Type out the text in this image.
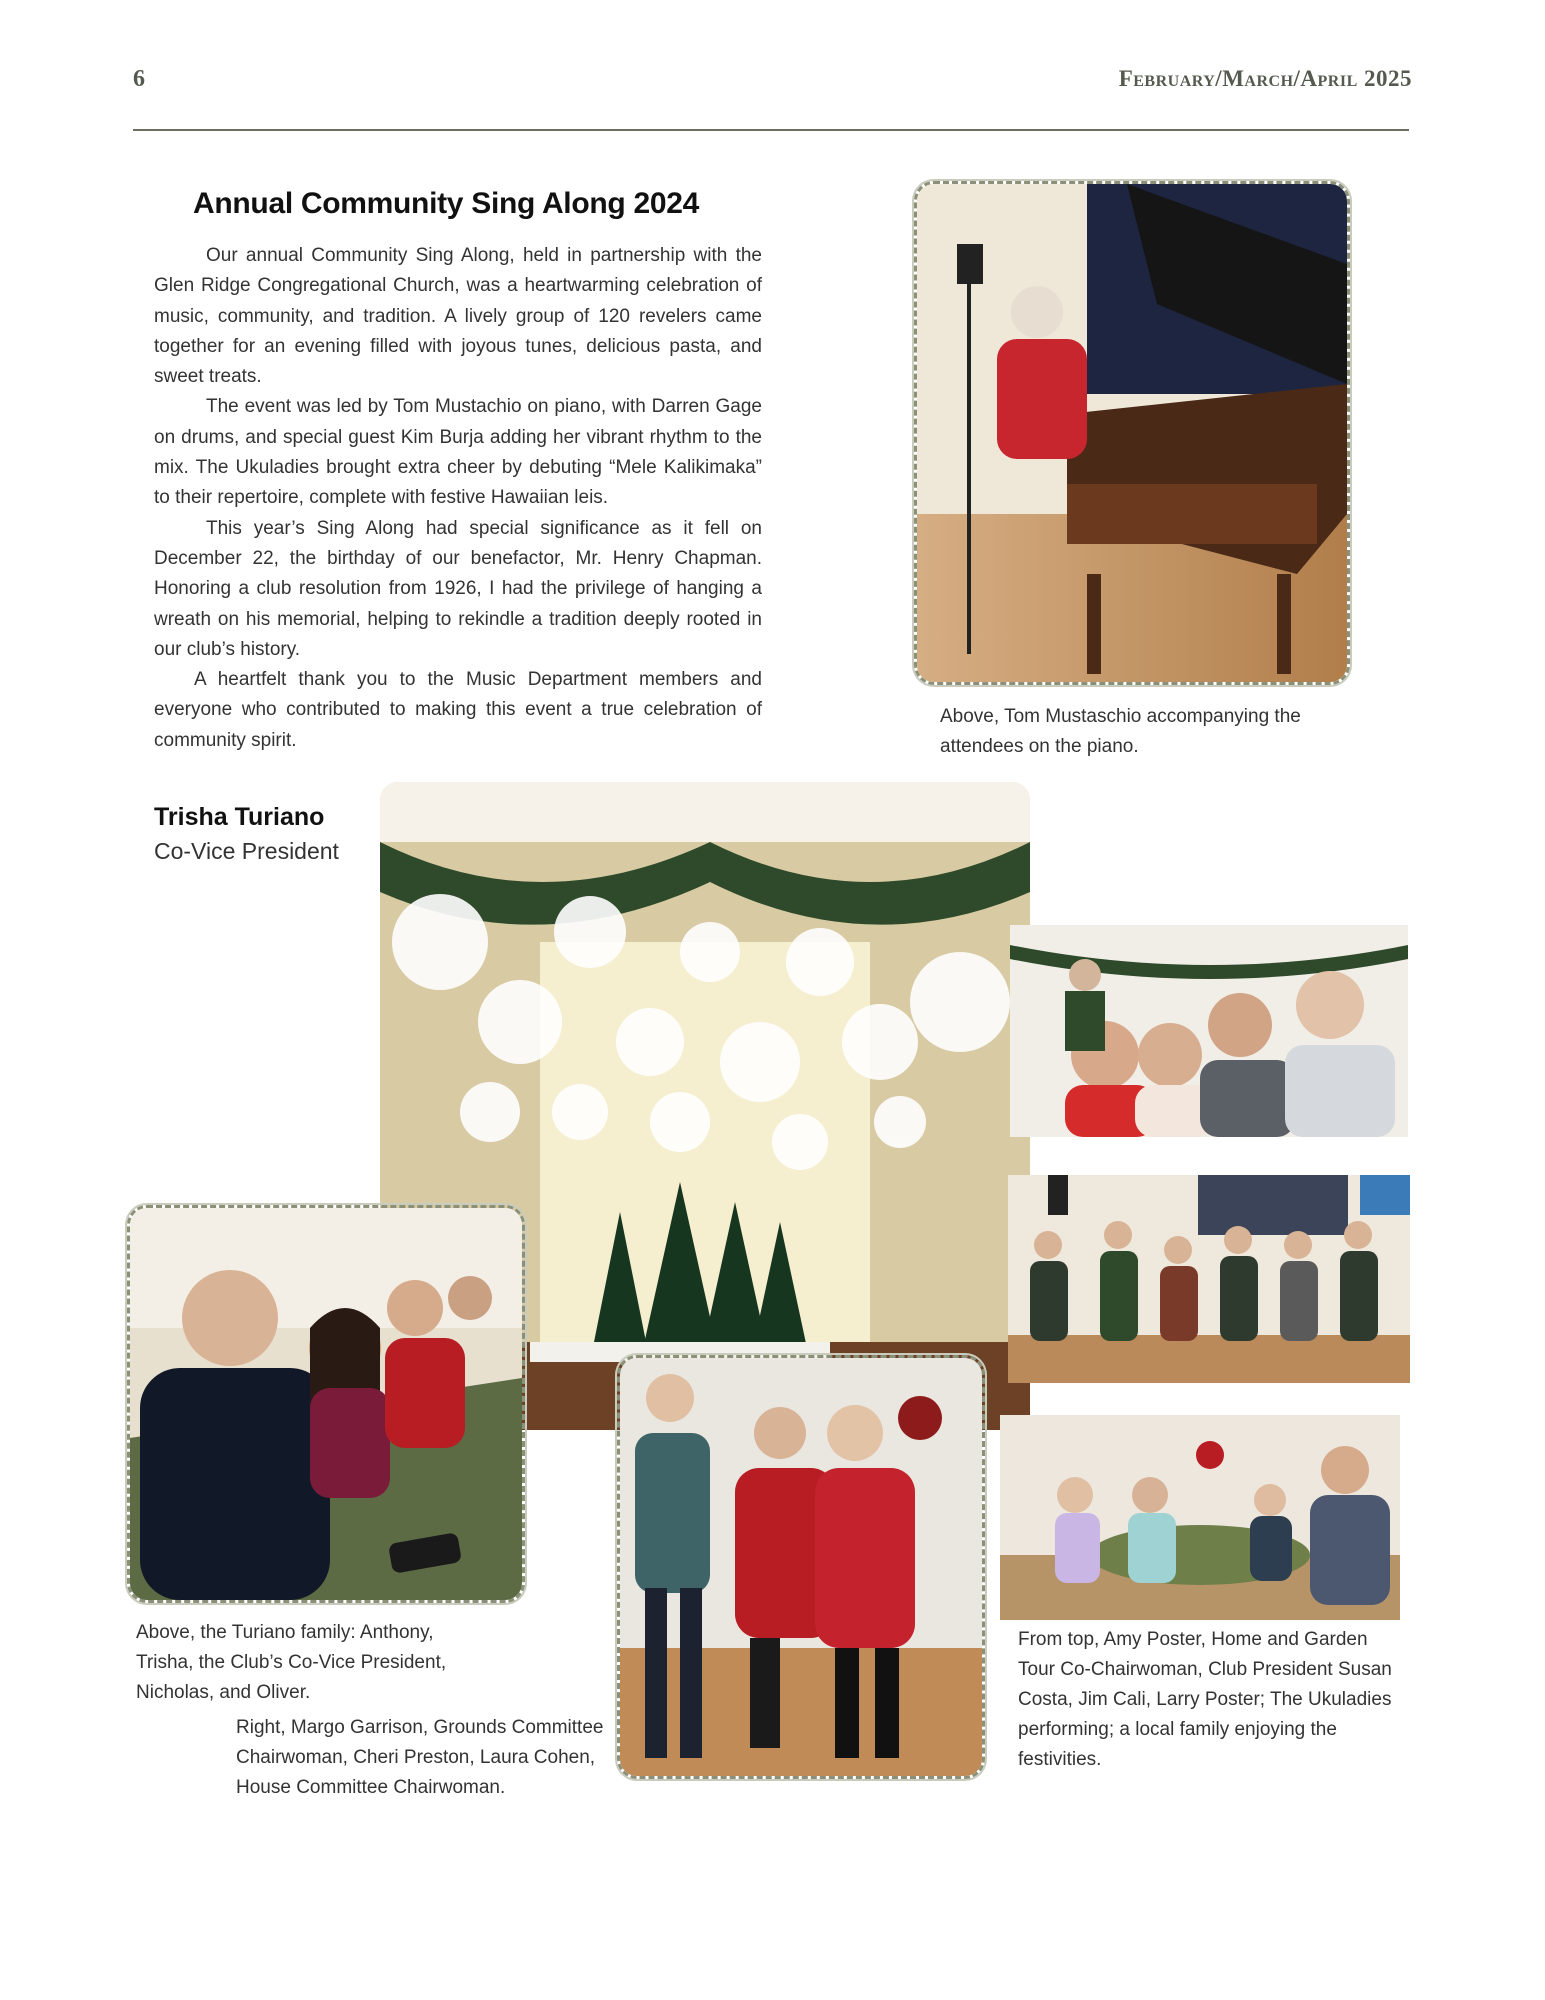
6	February/March/April 2025
Annual Community Sing Along 2024

Our annual Community Sing Along, held in partnership with the Glen Ridge Congregational Church, was a heartwarming celebration of music, community, and tradition. A lively group of 120 revelers came together for an evening filled with joyous tunes, delicious pasta, and sweet treats.

The event was led by Tom Mustachio on piano, with Darren Gage on drums, and special guest Kim Burja adding her vibrant rhythm to the mix. The Ukuladies brought extra cheer by debuting “Mele Kalikimaka” to their repertoire, complete with festive Hawaiian leis.

This year’s Sing Along had special significance as it fell on December 22, the birthday of our benefactor, Mr. Henry Chapman. Honoring a club resolution from 1926, I had the privilege of hanging a wreath on his memorial, helping to rekindle a tradition deeply rooted in our club’s history.

A heartfelt thank you to the Music Department members and everyone who contributed to making this event a true celebration of community spirit.

Trisha Turiano
Co-Vice President
Above, Tom Mustaschio accompanying the attendees on the piano.
Above, the Turiano family: Anthony, Trisha, the Club’s Co-Vice President, Nicholas, and Oliver.
Right, Margo Garrison, Grounds Committee Chairwoman, Cheri Preston, Laura Cohen, House Committee Chairwoman.
From top, Amy Poster, Home and Garden Tour Co-Chairwoman, Club President Susan Costa, Jim Cali, Larry Poster; The Ukuladies performing; a local family enjoying the festivities.
